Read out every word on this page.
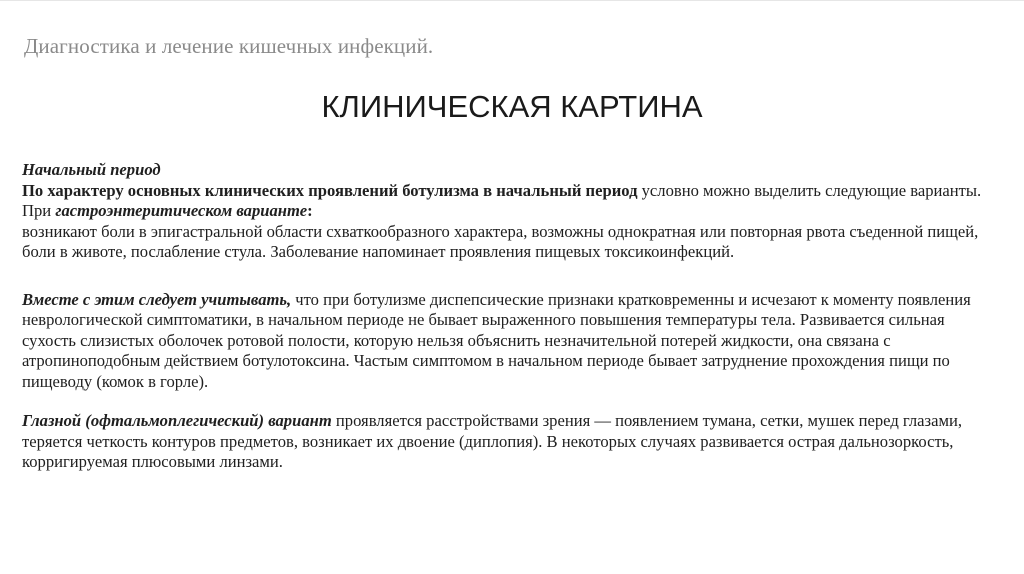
Диагностика и лечение кишечных инфекций.
КЛИНИЧЕСКАЯ КАРТИНА

Начальный период

По характеру основных клинических проявлений ботулизма в начальный период условно можно выделить следующие варианты.

При гастроэнтеритическом варианте:

возникают боли в эпигастральной области схваткообразного характера, возможны однократная или повторная рвота съеденной пищей, боли в животе, послабление стула. Заболевание напоминает проявления пищевых токсикоинфекций.

Вместе с этим следует учитывать, что при ботулизме диспепсические признаки кратковременны и исчезают к моменту появления неврологической симптоматики, в начальном периоде не бывает выраженного повышения температуры тела. Развивается сильная сухость слизистых оболочек ротовой полости, которую нельзя объяснить незначительной потерей жидкости, она связана с атропиноподобным действием ботулотоксина. Частым симптомом в начальном периоде бывает затруднение прохождения пищи по пищеводу (комок в горле).

Глазной (офтальмоплегический) вариант проявляется расстройствами зрения — появлением тумана, сетки, мушек перед глазами, теряется четкость контуров предметов, возникает их двоение (диплопия). В некоторых случаях развивается острая дальнозоркость, корригируемая плюсовыми линзами.
